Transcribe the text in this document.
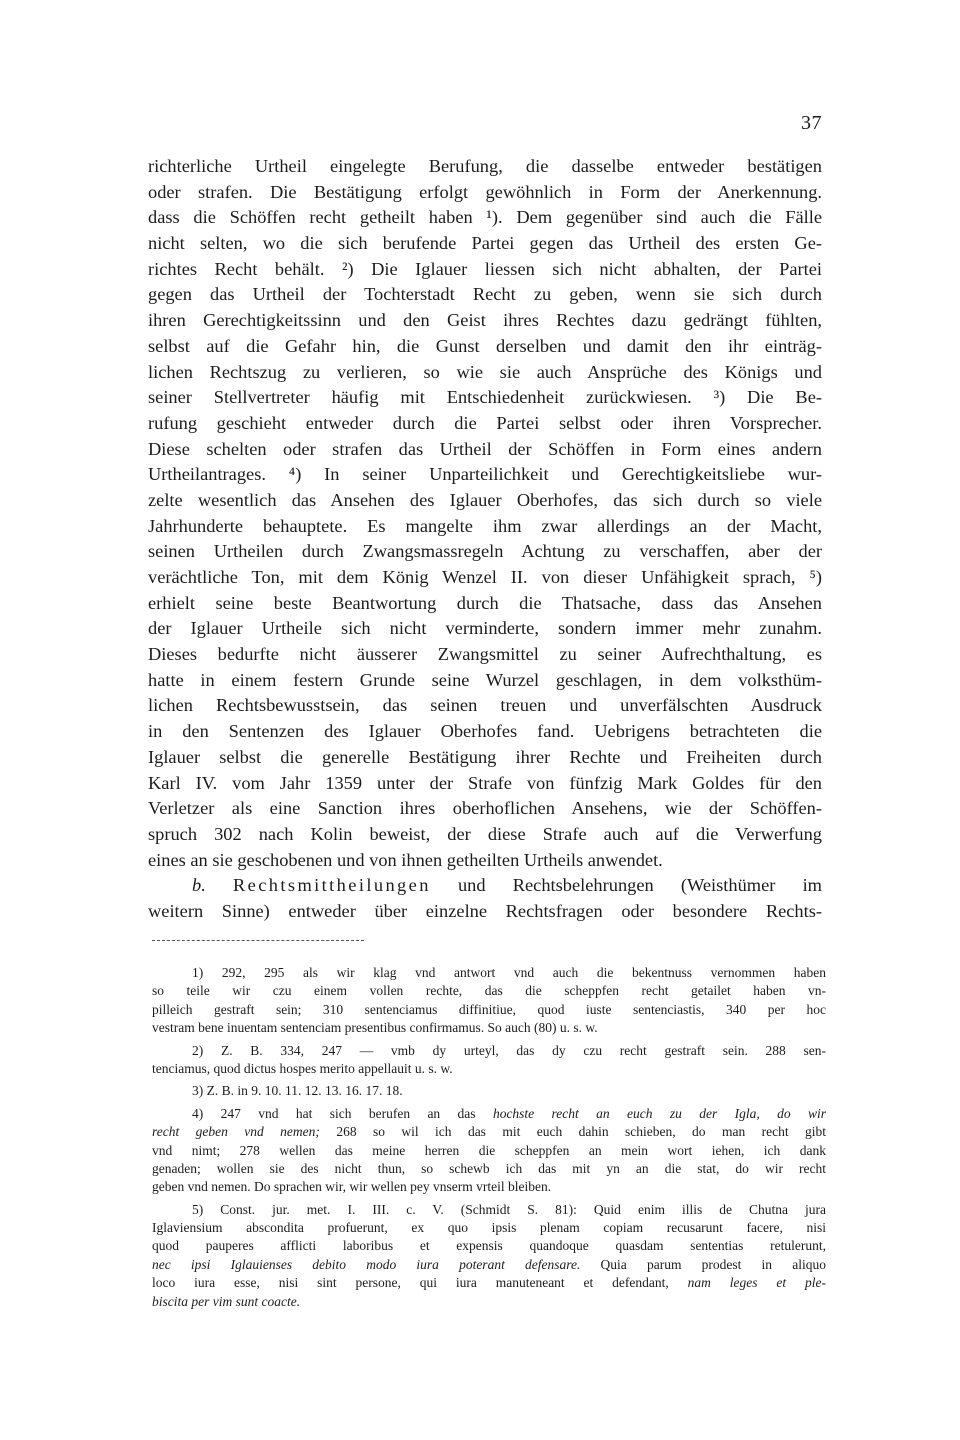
37
richterliche Urtheil eingelegte Berufung, die dasselbe entweder bestätigen
oder strafen. Die Bestätigung erfolgt gewöhnlich in Form der Anerkennung.
dass die Schöffen recht getheilt haben ¹). Dem gegenüber sind auch die Fälle
nicht selten, wo die sich berufende Partei gegen das Urtheil des ersten Ge-
richtes Recht behält. ²) Die Iglauer liessen sich nicht abhalten, der Partei
gegen das Urtheil der Tochterstadt Recht zu geben, wenn sie sich durch
ihren Gerechtigkeitssinn und den Geist ihres Rechtes dazu gedrängt fühlten,
selbst auf die Gefahr hin, die Gunst derselben und damit den ihr einträg-
lichen Rechtszug zu verlieren, so wie sie auch Ansprüche des Königs und
seiner Stellvertreter häufig mit Entschiedenheit zurückwiesen. ³) Die Be-
rufung geschieht entweder durch die Partei selbst oder ihren Vorsprecher.
Diese schelten oder strafen das Urtheil der Schöffen in Form eines andern
Urtheilantrages. ⁴) In seiner Unparteilichkeit und Gerechtigkeitsliebe wur-
zelte wesentlich das Ansehen des Iglauer Oberhofes, das sich durch so viele
Jahrhunderte behauptete. Es mangelte ihm zwar allerdings an der Macht,
seinen Urtheilen durch Zwangsmassregeln Achtung zu verschaffen, aber der
verächtliche Ton, mit dem König Wenzel II. von dieser Unfähigkeit sprach, ⁵)
erhielt seine beste Beantwortung durch die Thatsache, dass das Ansehen
der Iglauer Urtheile sich nicht verminderte, sondern immer mehr zunahm.
Dieses bedurfte nicht äusserer Zwangsmittel zu seiner Aufrechthaltung, es
hatte in einem festern Grunde seine Wurzel geschlagen, in dem volksthüm-
lichen Rechtsbewusstsein, das seinen treuen und unverfälschten Ausdruck
in den Sentenzen des Iglauer Oberhofes fand. Uebrigens betrachteten die
Iglauer selbst die generelle Bestätigung ihrer Rechte und Freiheiten durch
Karl IV. vom Jahr 1359 unter der Strafe von fünfzig Mark Goldes für den
Verletzer als eine Sanction ihres oberhoflichen Ansehens, wie der Schöffen-
spruch 302 nach Kolin beweist, der diese Strafe auch auf die Verwerfung
eines an sie geschobenen und von ihnen getheilten Urtheils anwendet.
b. Rechtsmittheilungen und Rechtsbelehrungen (Weisthümer im
weitern Sinne) entweder über einzelne Rechtsfragen oder besondere Rechts-
1) 292, 295 als wir klag vnd antwort vnd auch die bekentnuss vernommen haben
so teile wir czu einem vollen rechte, das die scheppfen recht getailet haben vn-
pilleich gestraft sein; 310 sentenciamus diffinitiue, quod iuste sentenciastis, 340 per hoc
vestram bene inuentam sentenciam presentibus confirmamus. So auch (80) u. s. w.
2) Z. B. 334, 247 — vmb dy urteyl, das dy czu recht gestraft sein. 288 sen-
tenciamus, quod dictus hospes merito appellauit u. s. w.
3) Z. B. in 9. 10. 11. 12. 13. 16. 17. 18.
4) 247 vnd hat sich berufen an das hochste recht an euch zu der Igla, do wir
recht geben vnd nemen; 268 so wil ich das mit euch dahin schieben, do man recht gibt
vnd nimt; 278 wellen das meine herren die scheppfen an mein wort iehen, ich dank
genaden; wollen sie des nicht thun, so schewb ich das mit yn an die stat, do wir recht
geben vnd nemen. Do sprachen wir, wir wellen pey vnserm vrteil bleiben.
5) Const. jur. met. I. III. c. V. (Schmidt S. 81): Quid enim illis de Chutna jura
Iglaviensium abscondita profuerunt, ex quo ipsis plenam copiam recusarunt facere, nisi
quod pauperes afflicti laboribus et expensis quandoque quasdam sententias retulerunt,
nec ipsi Iglauienses debito modo iura poterant defensare. Quia parum prodest in aliquo
loco iura esse, nisi sint persone, qui iura manuteneant et defendant, nam leges et ple-
biscita per vim sunt coacte.
